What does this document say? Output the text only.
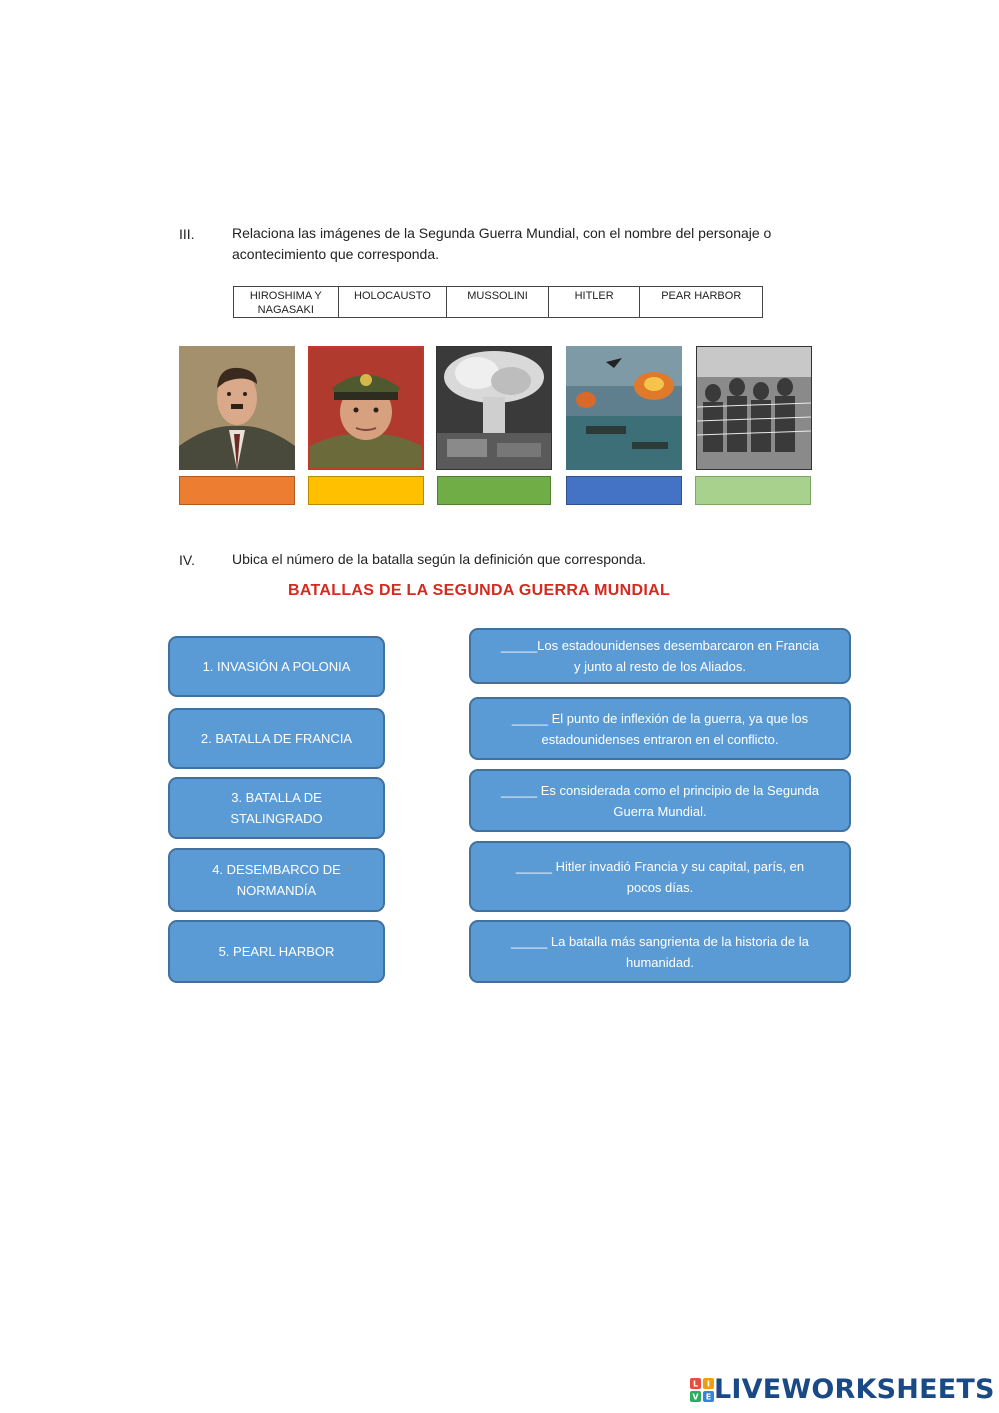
III.	Relaciona las imágenes de la Segunda Guerra Mundial, con el nombre del personaje o
acontecimiento que corresponda.
HIROSHIMA Y
NAGASAKI
HOLOCAUSTO	MUSSOLINI	HITLER	PEAR HARBOR
IV.	Ubica el número de la batalla según la definición que corresponda.
BATALLAS DE LA SEGUNDA GUERRA MUNDIAL
1. INVASIÓN A POLONIA
2. BATALLA DE FRANCIA
3. BATALLA DE
STALINGRADO
4. DESEMBARCO DE
NORMANDÍA
5. PEARL HARBOR
_____Los estadounidenses desembarcaron en Francia
y junto al resto de los Aliados.
_____ El punto de inflexión de la guerra, ya que los
estadounidenses entraron en el conflicto.
_____ Es considerada como el principio de la Segunda
Guerra Mundial.
_____ Hitler invadió Francia y su capital, parís, en
pocos días.
_____ La batalla más sangrienta de la historia de la
humanidad.
L I
V E LIVEWORKSHEETS
